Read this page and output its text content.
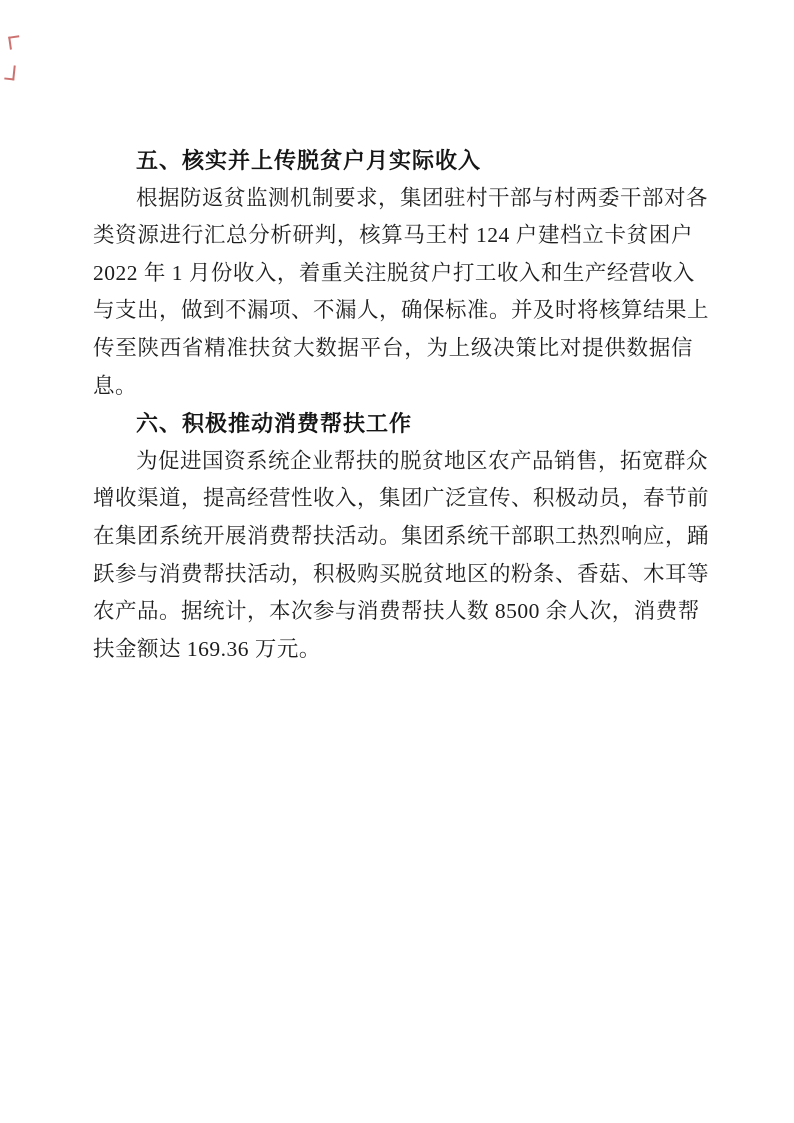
五、核实并上传脱贫户月实际收入
根据防返贫监测机制要求，集团驻村干部与村两委干部对各
类资源进行汇总分析研判，核算马王村 124 户建档立卡贫困户
2022 年 1 月份收入，着重关注脱贫户打工收入和生产经营收入
与支出，做到不漏项、不漏人，确保标准。并及时将核算结果上
传至陕西省精准扶贫大数据平台，为上级决策比对提供数据信
息。
六、积极推动消费帮扶工作
为促进国资系统企业帮扶的脱贫地区农产品销售，拓宽群众
增收渠道，提高经营性收入，集团广泛宣传、积极动员，春节前
在集团系统开展消费帮扶活动。集团系统干部职工热烈响应，踊
跃参与消费帮扶活动，积极购买脱贫地区的粉条、香菇、木耳等
农产品。据统计，本次参与消费帮扶人数 8500 余人次，消费帮
扶金额达 169.36 万元。
